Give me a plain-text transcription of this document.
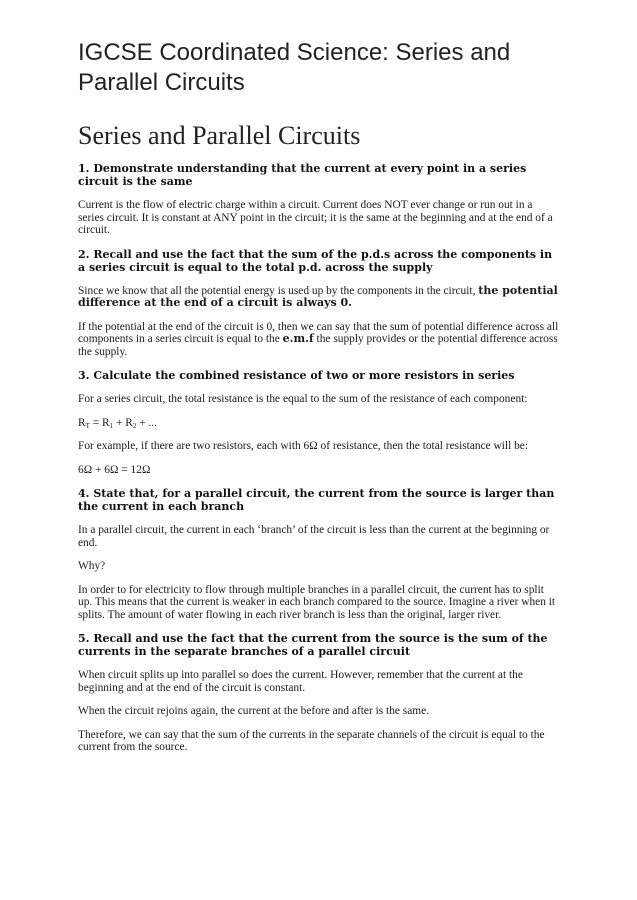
IGCSE Coordinated Science: Series and Parallel Circuits
Series and Parallel Circuits
1. Demonstrate understanding that the current at every point in a series circuit is the same
Current is the flow of electric charge within a circuit. Current does NOT ever change or run out in a series circuit. It is constant at ANY point in the circuit; it is the same at the beginning and at the end of a circuit.
2. Recall and use the fact that the sum of the p.d.s across the components in a series circuit is equal to the total p.d. across the supply
Since we know that all the potential energy is used up by the components in the circuit, the potential difference at the end of a circuit is always 0.
If the potential at the end of the circuit is 0, then we can say that the sum of potential difference across all components in a series circuit is equal to the e.m.f the supply provides or the potential difference across the supply.
3. Calculate the combined resistance of two or more resistors in series
For a series circuit, the total resistance is the equal to the sum of the resistance of each component:
$R_T = R_1 + R_2$ + ...
For example, if there are two resistors, each with 6Ω of resistance, then the total resistance will be:
6Ω + 6Ω = 12Ω
4. State that, for a parallel circuit, the current from the source is larger than the current in each branch
In a parallel circuit, the current in each ‘branch’ of the circuit is less than the current at the beginning or end.
Why?
In order to for electricity to flow through multiple branches in a parallel circuit, the current has to split up. This means that the current is weaker in each branch compared to the source. Imagine a river when it splits. The amount of water flowing in each river branch is less than the original, larger river.
5. Recall and use the fact that the current from the source is the sum of the currents in the separate branches of a parallel circuit
When circuit splits up into parallel so does the current. However, remember that the current at the beginning and at the end of the circuit is constant.
When the circuit rejoins again, the current at the before and after is the same.
Therefore, we can say that the sum of the currents in the separate channels of the circuit is equal to the current from the source.
